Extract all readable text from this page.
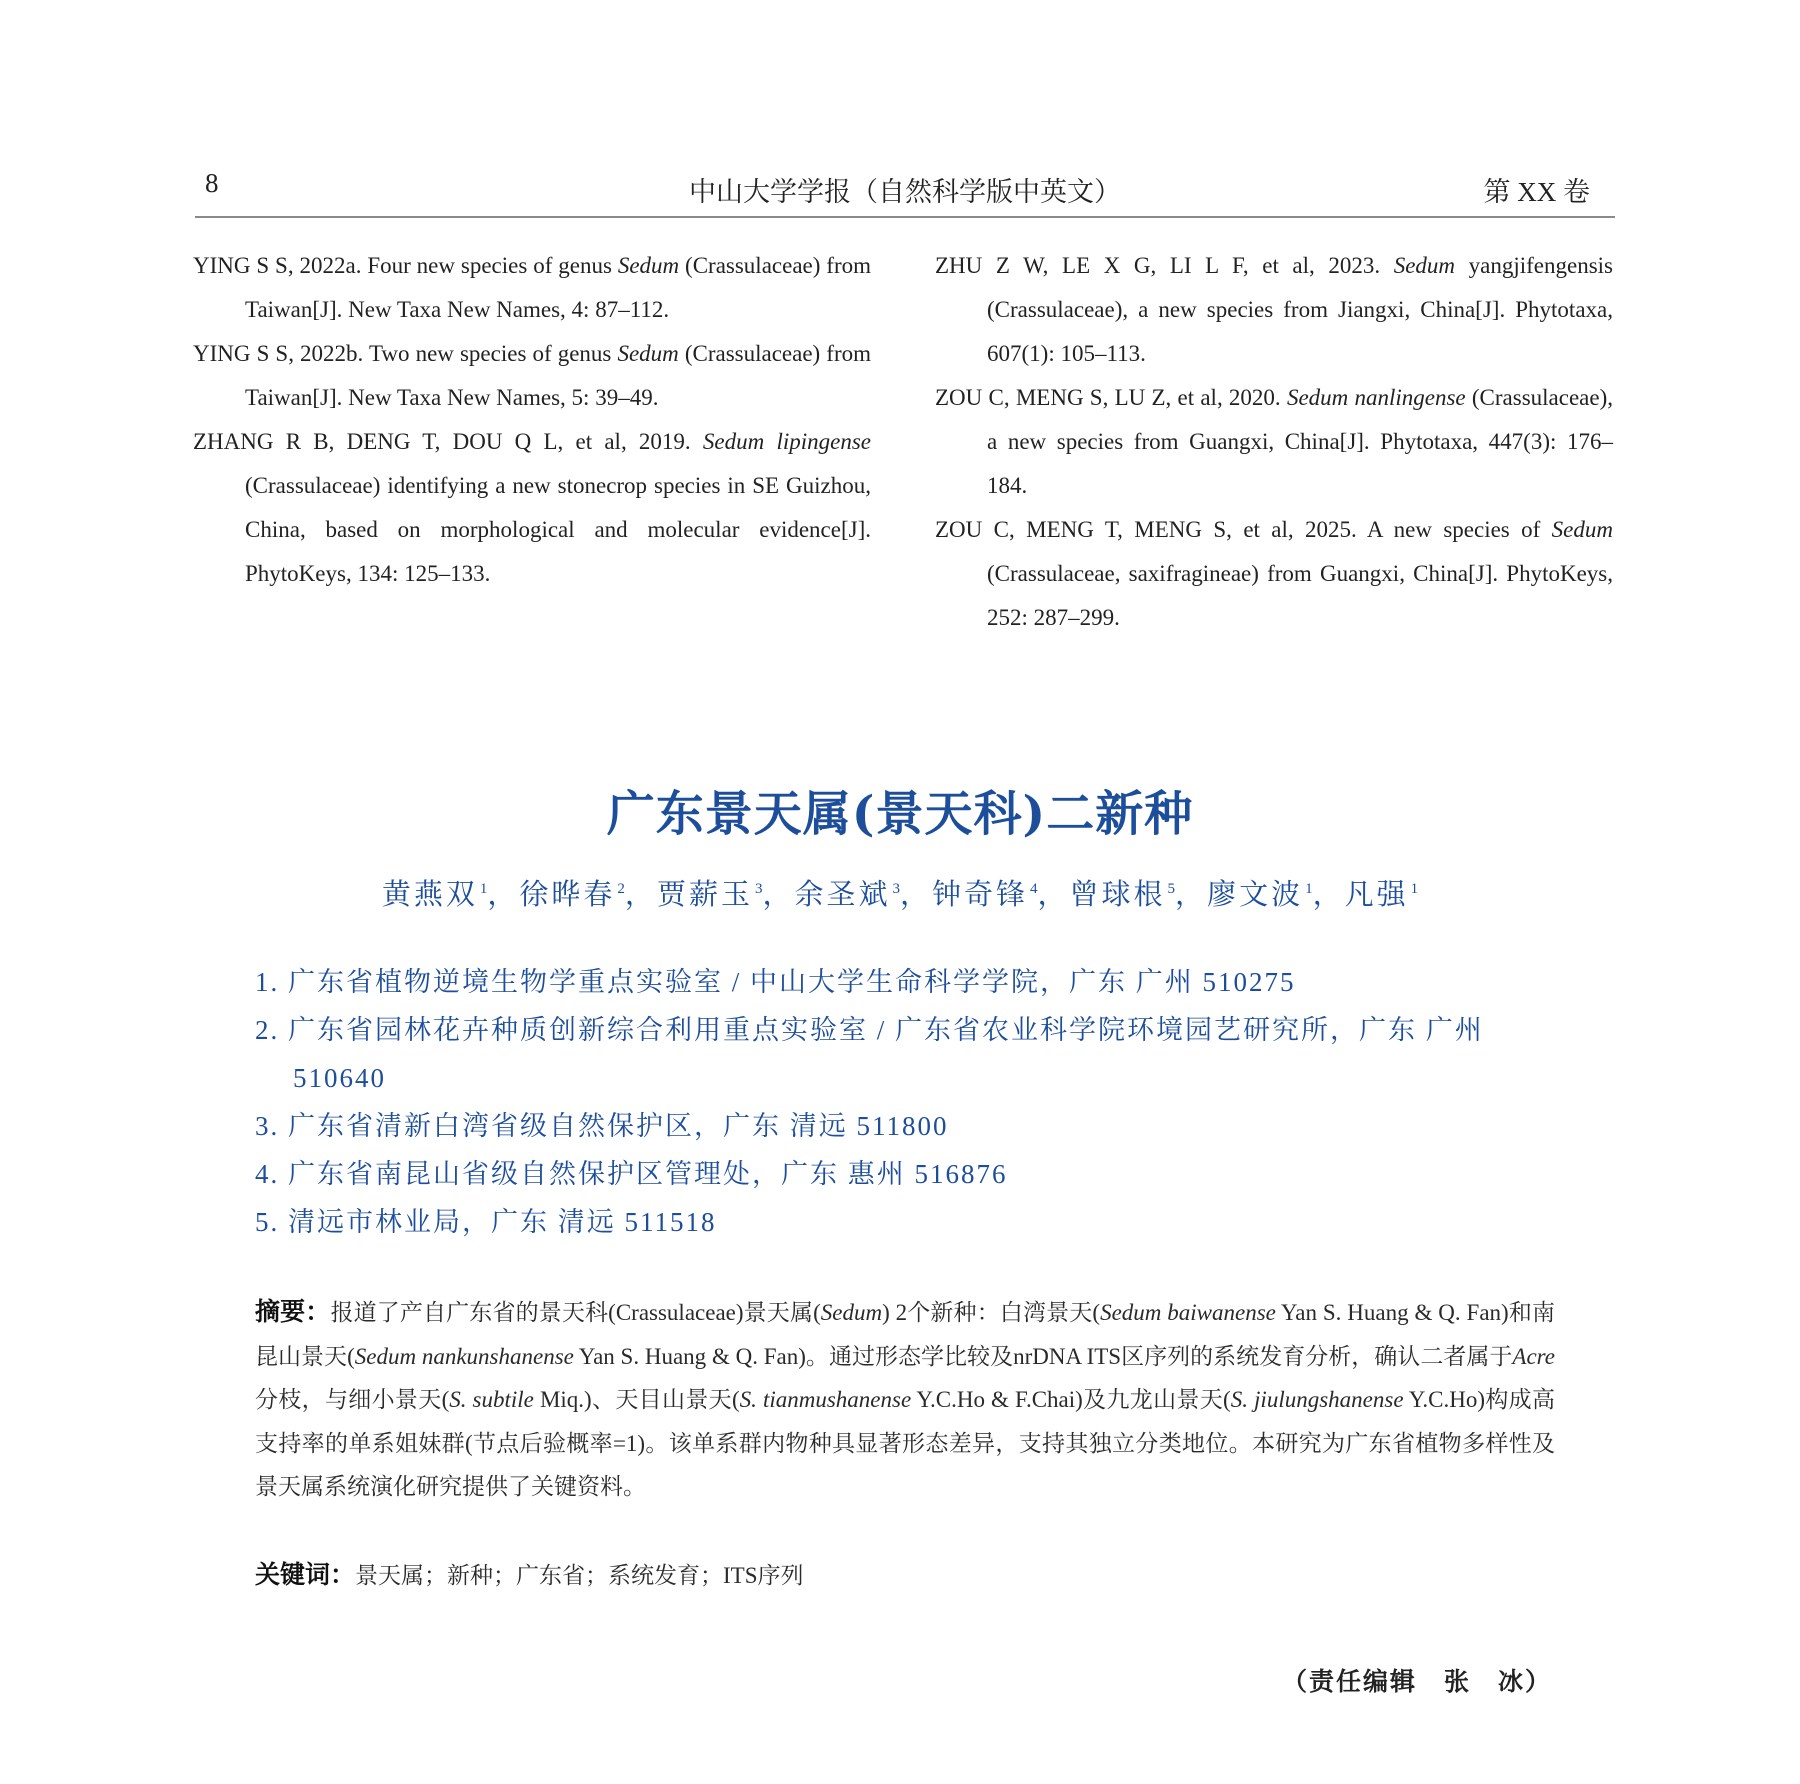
8	中山大学学报（自然科学版中英文）	第 XX 卷
YING S S, 2022a. Four new species of genus Sedum (Crassulaceae) from Taiwan[J]. New Taxa New Names, 4: 87–112.
YING S S, 2022b. Two new species of genus Sedum (Crassulaceae) from Taiwan[J]. New Taxa New Names, 5: 39–49.
ZHANG R B, DENG T, DOU Q L, et al, 2019. Sedum lipingense (Crassulaceae) identifying a new stonecrop species in SE Guizhou, China, based on morphological and molecular evidence[J]. PhytoKeys, 134: 125–133.
ZHU Z W, LE X G, LI L F, et al, 2023. Sedum yangjifengensis (Crassulaceae), a new species from Jiangxi, China[J]. Phytotaxa, 607(1): 105–113.
ZOU C, MENG S, LU Z, et al, 2020. Sedum nanlingense (Crassulaceae), a new species from Guangxi, China[J]. Phytotaxa, 447(3): 176–184.
ZOU C, MENG T, MENG S, et al, 2025. A new species of Sedum (Crassulaceae, saxifragineae) from Guangxi, China[J]. PhytoKeys, 252: 287–299.
广东景天属(景天科)二新种
黄燕双 $^1$，徐晔春 $^2$，贾薪玉 $^3$，余圣斌 $^3$，钟奇锋 $^4$，曾球根 $^5$，廖文波 $^1$，凡强 $^1$
1. 广东省植物逆境生物学重点实验室 / 中山大学生命科学学院，广东 广州 510275
2. 广东省园林花卉种质创新综合利用重点实验室 / 广东省农业科学院环境园艺研究所，广东 广州 510640
3. 广东省清新白湾省级自然保护区，广东 清远 511800
4. 广东省南昆山省级自然保护区管理处，广东 惠州 516876
5. 清远市林业局，广东 清远 511518
摘要：报道了产自广东省的景天科(Crassulaceae)景天属(Sedum) 2个新种：白湾景天(Sedum baiwanense Yan S. Huang & Q. Fan)和南昆山景天(Sedum nankunshanense Yan S. Huang & Q. Fan)。通过形态学比较及nrDNA ITS区序列的系统发育分析，确认二者属于Acre分枝，与细小景天(S. subtile Miq.)、天目山景天(S. tianmushanense Y.C.Ho & F.Chai)及九龙山景天(S. jiulungshanense Y.C.Ho)构成高支持率的单系姐妹群(节点后验概率=1)。该单系群内物种具显著形态差异，支持其独立分类地位。本研究为广东省植物多样性及景天属系统演化研究提供了关键资料。
关键词：景天属；新种；广东省；系统发育；ITS序列
（责任编辑　张　冰）
